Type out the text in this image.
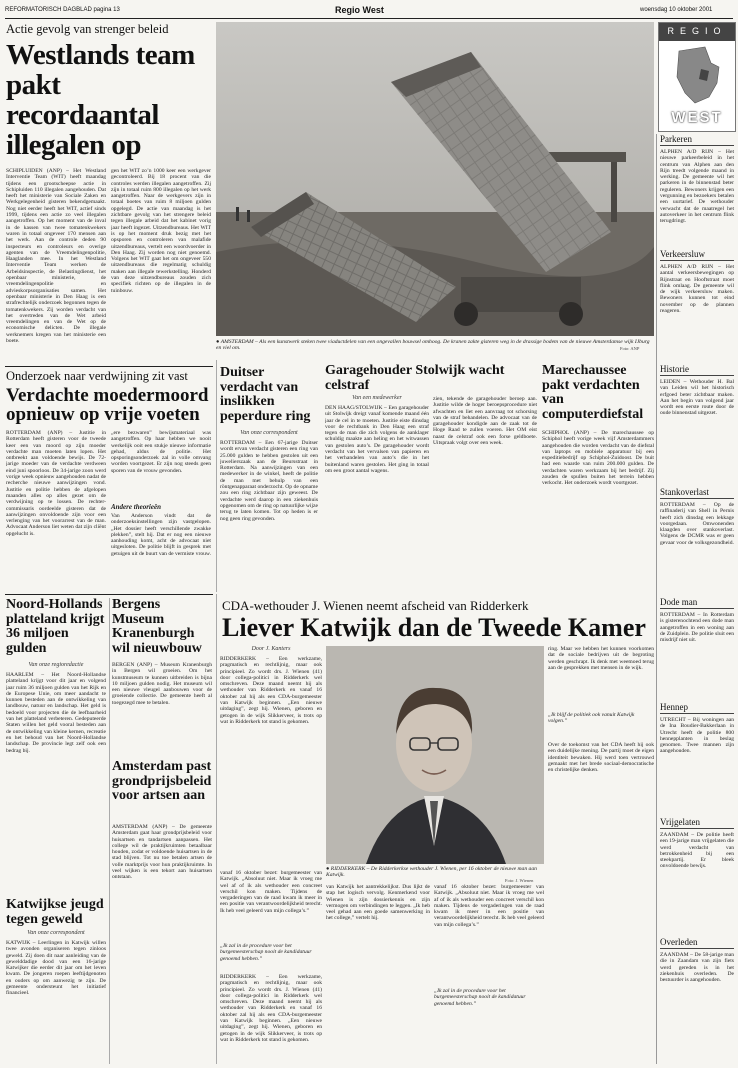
REFORMATORISCH DAGBLAD pagina 13	Regio West	woensdag 10 oktober 2001
Actie gevolg van strenger beleid
Westlands team pakt recordaantal illegalen op
SCHIPLUIDEN (ANP) – Het Westland Interventie Team (WIT) heeft maandag tijdens een grootscheepse actie in Schipluiden 110 illegalen aangehouden. Dat heeft het ministerie van Sociale Zaken en Werkgelegenheid gisteren bekendgemaakt. Nog niet eerder heeft het WIT, actief sinds 1999, tijdens een actie zo veel illegalen aangetroffen. Op het moment van de inval in de kassen van twee tomatenkwekers waren in totaal ongeveer 170 mensen aan het werk. Aan de controle deden 90 inspecteurs en controleurs en overige agenten van de Vreemdelingenpolitie, Haaglanden mee. In het Westland Interventie Team werken de Arbeidsinspectie, de Belastingdienst, het openbaar ministerie, de vreemdelingenpolitie en advieskorpsorganisaties samen. Het openbaar ministerie in Den Haag is een strafrechtelijk onderzoek begonnen tegen de tomatenkwekers. Zij worden verdacht van het overtreden van de Wet arbeid vreemdelingen en van de Wet op de economische delicten. De illegale werknemers kregen van het ministerie een boete.
gen het WIT zo’n 1000 keer een werkgever gecontroleerd. Bij 18 procent van die controles werden illegalen aangetroffen. Zij zijn in totaal ruim 800 illegalen op het werk aangetroffen. Naar de werkgevers zijn in totaal boetes van ruim 8 miljoen gulden opgelegd. De actie van maandag is het zichtbare gevolg van het strengere beleid tegen illegale arbeid dat het kabinet vorig jaar heeft ingezet. Uitzendbureaus. Het WIT is op het moment druk bezig met het opsporen en controleren van malafide uitzendbureaus, vertelt een woordvoerder in Den Haag. Zij worden nog niet genoemd. Volgens het WIT gaat het om ongeveer 550 uitzendbureaus die regelmatig schuldig maken aan illegale tewerkstelling. Honderd van deze uitzendbureaus zouden zich specifiek richten op de illegalen in de tuinbouw.
● AMSTERDAM – Als een kunstwerk steken twee viaductdelen van een ongevallen bouwsel omhoog. De kranen zakte gisteren weg in de drassige bodem van de nieuwe Amsterdamse wijk IJburg en viel om.	Foto: ANP
REGIO
WEST
Onderzoek naar verdwijning zit vast
Verdachte moedermoord opnieuw op vrije voeten
ROTTERDAM (ANP) – Justitie in Rotterdam heeft gisteren voor de tweede keer een van moord op zijn moeder verdachte man moeten laten lopen. Het ontbreekt aan voldoende bewijs. De 72-jarige moeder van de verdachte verdween eind juni spoorloos. De 34-jarige zoon werd vorige week opnieuw aangehouden nadat de recherche nieuwe aanwijzingen vond. Justitie en politie hebben de afgelopen maanden alles op alles gezet om de verdwijning op te lossen. De rechter-commissaris oordeelde gisteren dat de aanwijzingen onvoldoende zijn voor een verlenging van het voorarrest van de man. Advocaat Anderson liet weten dat zijn cliënt opgelucht is.
„ere bezwaren” bewijsmateriaal was aangetroffen. Op haar hebben we nooit werkelijk ooit een stukje nieuwe informatie gehad, aldus de politie. Het opsporingsonderzoek zal in volle omvang worden voortgezet. Er zijn nog steeds geen sporen van de vrouw gevonden.
Andere theorieën
Van Anderson vindt dat de onderzoeksinstellingen zijn vastgelopen. „Het dossier heeft verschillende zwakke plekken”, stelt hij. Dat er nog een nieuwe aanhouding komt, acht de advocaat niet uitgesloten. De politie blijft in gesprek met getuigen uit de buurt van de vermiste vrouw.
Duitser verdacht van inslikken peperdure ring
Van onze correspondent
ROTTERDAM – Een 67-jarige Duitser wordt ervan verdacht gisteren een ring van 25.000 gulden te hebben gestolen uit een juwelierszaak aan de Beursstraat in Rotterdam. Na aanwijzingen van een medewerker in de winkel, heeft de politie de man met behulp van een röntgenapparaat onderzocht. Op de opname zou een ring zichtbaar zijn geweest. De verdachte werd daarop in een ziekenhuis opgenomen om de ring op natuurlijke wijze terug te laten komen. Tot op heden is er nog geen ring gevonden.
Garagehouder Stolwijk wacht celstraf
Van een medewerker
DEN HAAG/STOLWIJK – Een garagehouder uit Stolwijk dreigt vanaf komende maand één jaar de cel in te moeten. Justitie eiste dinsdag voor de rechtbank in Den Haag een straf tegen de man die zich volgens de aanklager schuldig maakte aan heling en het witwassen van gestolen auto’s. De garagehouder wordt verdacht van het vervalsen van papieren en het verhandelen van auto’s die in het buitenland waren gestolen. Het ging in totaal om een groot aantal wagens.
zien, tekende de garagehouder beroep aan. Justitie wilde de hoger beroepsprocedure niet afwachten en liet een aanvraag tot schorsing van de straf behandelen. De advocaat van de garagehouder kondigde aan de zaak tot de Hoge Raad te zullen voeren. Het OM eist naast de celstraf ook een forse geldboete. Uitspraak volgt over een week.
Marechaussee pakt verdachten van computerdiefstal
SCHIPHOL (ANP) – De marechaussee op Schiphol heeft vorige week vijf Amsterdammers aangehouden die worden verdacht van de diefstal van laptops en mobiele apparatuur bij een expeditiebedrijf op Schiphol-Zuidoost. De buit had een waarde van ruim 200.000 gulden. De verdachten waren werkzaam bij het bedrijf. Zij zouden de spullen buiten het terrein hebben verkocht. Het onderzoek wordt voortgezet.
Parkeren
ALPHEN A/D RIJN – Het nieuwe parkeerbeleid in het centrum van Alphen aan den Rijn treedt volgende maand in werking. De gemeente wil het parkeren in de binnenstad beter reguleren. Bewoners krijgen een vergunning en bezoekers betalen een uurtarief. De wethouder verwacht dat de maatregel het autoverkeer in het centrum flink terugdringt.
Verkeersluw
ALPHEN A/D RIJN – Het aantal verkeersbewegingen op Rijnstraat en Hooftstraat moet flink omlaag. De gemeente wil de wijk verkeersluw maken. Bewoners kunnen tot eind november op de plannen reageren.
Historie
LEIDEN – Wethouder H. Bal van Leiden wil het historisch erfgoed beter zichtbaar maken. Aan het begin van volgend jaar wordt een eerste route door de oude binnenstad uitgezet.
Stankoverlast
ROTTERDAM – Op de raffinaderij van Shell in Pernis heeft zich dinsdag een lekkage voorgedaan. Omwonenden klaagden over stankoverlast. Volgens de DCMR was er geen gevaar voor de volksgezondheid.
Dode man
ROTTERDAM – In Rotterdam is gisterenochtend een dode man aangetroffen in een woning aan de Zuidplein. De politie sluit een misdrijf niet uit.
Hennep
UTRECHT – Bij woningen aan de Ina Boudier-Bakkerlaan in Utrecht heeft de politie 800 hennepplanten in beslag genomen. Twee mannen zijn aangehouden.
Vrijgelaten
ZAANDAM – De politie heeft een 19-jarige man vrijgelaten die werd verdacht van betrokkenheid bij een steekpartij. Er bleek onvoldoende bewijs.
Overleden
ZAANDAM – De 58-jarige man die in Zaandam van zijn fiets werd gereden is in het ziekenhuis overleden. De bestuurder is aangehouden.
Noord-Hollands platteland krijgt 36 miljoen gulden
Van onze regioredactie
HAARLEM – Het Noord-Hollandse platteland krijgt voor dit jaar en volgend jaar ruim 36 miljoen gulden van het Rijk en de Europese Unie, om meer aandacht te kunnen besteden aan de ontwikkeling van landbouw, natuur en landschap. Het geld is bedoeld voor projecten die de leefbaarheid van het platteland verbeteren. Gedeputeerde Staten willen het geld vooral besteden aan de ontwikkeling van kleine kernen, recreatie en het behoud van het Noord-Hollandse landschap. De provincie legt zelf ook een bedrag bij.
Katwijkse jeugd tegen geweld
Van onze correspondent
KATWIJK – Leerlingen in Katwijk willen twee avonden organiseren tegen zinloos geweld. Zij doen dit naar aanleiding van de gewelddadige dood van een 16-jarige Katwijker die eerder dit jaar om het leven kwam. De jongeren roepen leeftijdgenoten en ouders op om aanwezig te zijn. De gemeente ondersteunt het initiatief financieel.
Bergens Museum Kranenburgh wil nieuwbouw
BERGEN (ANP) – Museum Kranenburgh in Bergen wil groeien. Om het kunstmuseum te kunnen uitbreiden is bijna 10 miljoen gulden nodig. Het museum wil een nieuwe vleugel aanbouwen voor de groeiende collectie. De gemeente heeft al toegezegd mee te betalen.
Amsterdam past grondprijsbeleid voor artsen aan
AMSTERDAM (ANP) – De gemeente Amsterdam gaat haar grondprijsbeleid voor huisartsen en tandartsen aanpassen. Het college wil de praktijkruimten betaalbaar houden, zodat er voldoende huisartsen in de stad blijven. Tot nu toe betalen artsen de volle marktprijs voor hun praktijkruimte. In veel wijken is een tekort aan huisartsen ontstaan.
CDA-wethouder J. Wienen neemt afscheid van Ridderkerk
Liever Katwijk dan de Tweede Kamer
Door J. Kanters
RIDDERKERK – Een werkzame, pragmatisch en rechtlijnig, maar ook principieel. Zo wordt drs. J. Wienen (41) door collega-politici in Ridderkerk wel omschreven. Deze maand neemt hij als wethouder van Ridderkerk en vanaf 16 oktober zal hij als een CDA-burgemeester van Katwijk beginnen. „Een nieuwe uitdaging”, zegt hij. Wienen, geboren en getogen in de wijk Slikkerveer, is trots op wat in Ridderkerk tot stand is gekomen.
● RIDDERKERK – De Ridderkerkse wethouder J. Wienen, per 16 oktober de nieuwe man aan Katwijk.
Foto: J. Wienen
vanaf 16 oktober bezet: burgemeester van Katwijk. „Absoluut niet. Maar ik vroeg me wel af of ik als wethouder een concreet verschil kon maken. Tijdens de vergaderingen van de raad kwam ik meer in een positie van verantwoordelijkheid terecht. Ik heb veel geleerd van mijn collega’s.”
„Ik zal in de procedure voor het burgemeesterschap nooit de kandidatuur genoemd hebben.”
RIDDERKERK – Een werkzame, pragmatisch en rechtlijnig, maar ook principieel. Zo wordt drs. J. Wienen (41) door collega-politici in Ridderkerk wel omschreven. Deze maand neemt hij als wethouder van Ridderkerk en vanaf 16 oktober zal hij als een CDA-burgemeester van Katwijk beginnen. „Een nieuwe uitdaging”, zegt hij. Wienen, geboren en getogen in de wijk Slikkerveer, is trots op wat in Ridderkerk tot stand is gekomen.
van Katwijk het aantrekkelijkst. Dus lijkt de stap het logisch vervolg. Kenmerkend voor Wienen is zijn dossierkennis en zijn vermogen om verbindingen te leggen. „Ik heb veel gehad aan een goede samenwerking in het college,” vertelt hij.
vanaf 16 oktober bezet: burgemeester van Katwijk. „Absoluut niet. Maar ik vroeg me wel af of ik als wethouder een concreet verschil kon maken. Tijdens de vergaderingen van de raad kwam ik meer in een positie van verantwoordelijkheid terecht. Ik heb veel geleerd van mijn collega’s.”
„Ik zal in de procedure voor het burgemeesterschap nooit de kandidatuur genoemd hebben.”
ring. Maar we hebben het kunnen voorkomen dat de sociale bedrijven uit de begroting werden geschrapt. Ik denk met weemoed terug aan de gesprekken met mensen in de wijk.
„Ik blijf de politiek ook vanuit Katwijk volgen.”
Over de toekomst van het CDA heeft hij ook een duidelijke mening. De partij moet de eigen identiteit bewaken. Hij werd toen vertrouwd gemaakt met het brede sociaal-democratische en christelijke denken.
